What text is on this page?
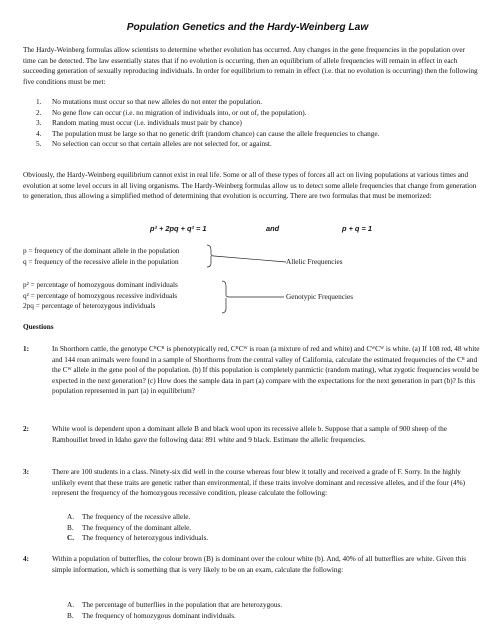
Population Genetics and the Hardy-Weinberg Law

The Hardy-Weinberg formulas allow scientists to determine whether evolution has occurred. Any changes in the gene frequencies in the population over time can be detected. The law essentially states that if no evolution is occurring, then an equilibrium of allele frequencies will remain in effect in each succeeding generation of sexually reproducing individuals. In order for equilibrium to remain in effect (i.e. that no evolution is occurring) then the following five conditions must be met:

1. No mutations must occur so that new alleles do not enter the population.
2. No gene flow can occur (i.e. no migration of individuals into, or out of, the population).
3. Random mating must occur (i.e. individuals must pair by chance)
4. The population must be large so that no genetic drift (random chance) can cause the allele frequencies to change.
5. No selection can occur so that certain alleles are not selected for, or against.

Obviously, the Hardy-Weinberg equilibrium cannot exist in real life. Some or all of these types of forces all act on living populations at various times and evolution at some level occurs in all living organisms. The Hardy-Weinberg formulas allow us to detect some allele frequencies that change from generation to generation, thus allowing a simplified method of determining that evolution is occurring. There are two formulas that must be memorized:

p² + 2pq + q² = 1	and	p + q = 1
p = frequency of the dominant allele in the population
q = frequency of the recessive allele in the population	Allelic Frequencies
p² = percentage of homozygous dominant individuals
q² = percentage of homozygous recessive individuals
2pq = percentage of heterozygous individuals
Genotypic Frequencies
Questions
1:	In Shorthorn cattle, the genotype CᴿCᴿ is phenotypically red, CᴿCᵂ is roan (a mixture of red and white) and CᵂCᵂ is white. (a) If 108 red, 48 white and 144 roan animals were found in a sample of Shorthorns from the central valley of California, calculate the estimated frequencies of the Cᴿ and the Cᵂ allele in the gene pool of the population. (b) If this population is completely panmictic (random mating), what zygotic frequencies would be expected in the next generation? (c) How does the sample data in part (a) compare with the expectations for the next generation in part (b)? Is this population represented in part (a) in equilibrium?
2:	White wool is dependent upon a dominant allele B and black wool upon its recessive allele b. Suppose that a sample of 900 sheep of the Rambouillet breed in Idaho gave the following data: 891 white and 9 black. Estimate the allelic frequencies.
3:	There are 100 students in a class. Ninety-six did well in the course whereas four blew it totally and received a grade of F. Sorry. In the highly unlikely event that these traits are genetic rather than environmental, if these traits involve dominant and recessive alleles, and if the four (4%) represent the frequency of the homozygous recessive condition, please calculate the following:
A. The frequency of the recessive allele.
B. The frequency of the dominant allele.
C. The frequency of heterozygous individuals.
4:	Within a population of butterflies, the colour brown (B) is dominant over the colour white (b). And, 40% of all butterflies are white. Given this simple information, which is something that is very likely to be on an exam, calculate the following:
A. The percentage of butterflies in the population that are heterozygous.
B. The frequency of homozygous dominant individuals.
